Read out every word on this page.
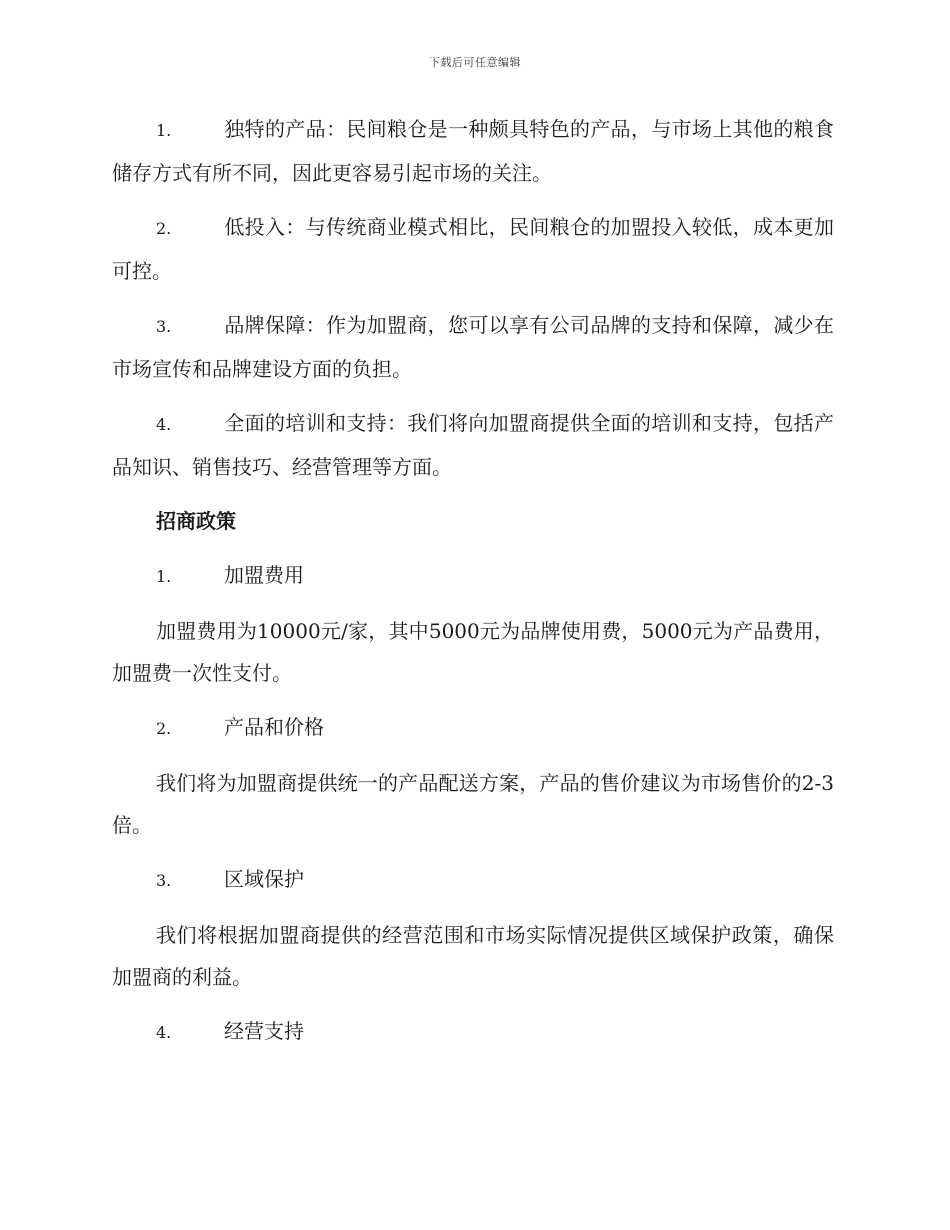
下载后可任意编辑

1.	独特的产品：民间粮仓是一种颇具特色的产品，与市场上其他的粮食储存方式有所不同，因此更容易引起市场的关注。

2.	低投入：与传统商业模式相比，民间粮仓的加盟投入较低，成本更加可控。

3.	品牌保障：作为加盟商，您可以享有公司品牌的支持和保障，减少在市场宣传和品牌建设方面的负担。

4.	全面的培训和支持：我们将向加盟商提供全面的培训和支持，包括产品知识、销售技巧、经营管理等方面。

招商政策

1.	加盟费用

加盟费用为10000元/家，其中5000元为品牌使用费，5000元为产品费用，加盟费一次性支付。

2.	产品和价格

我们将为加盟商提供统一的产品配送方案，产品的售价建议为市场售价的2-3倍。

3.	区域保护

我们将根据加盟商提供的经营范围和市场实际情况提供区域保护政策，确保加盟商的利益。

4.	经营支持
